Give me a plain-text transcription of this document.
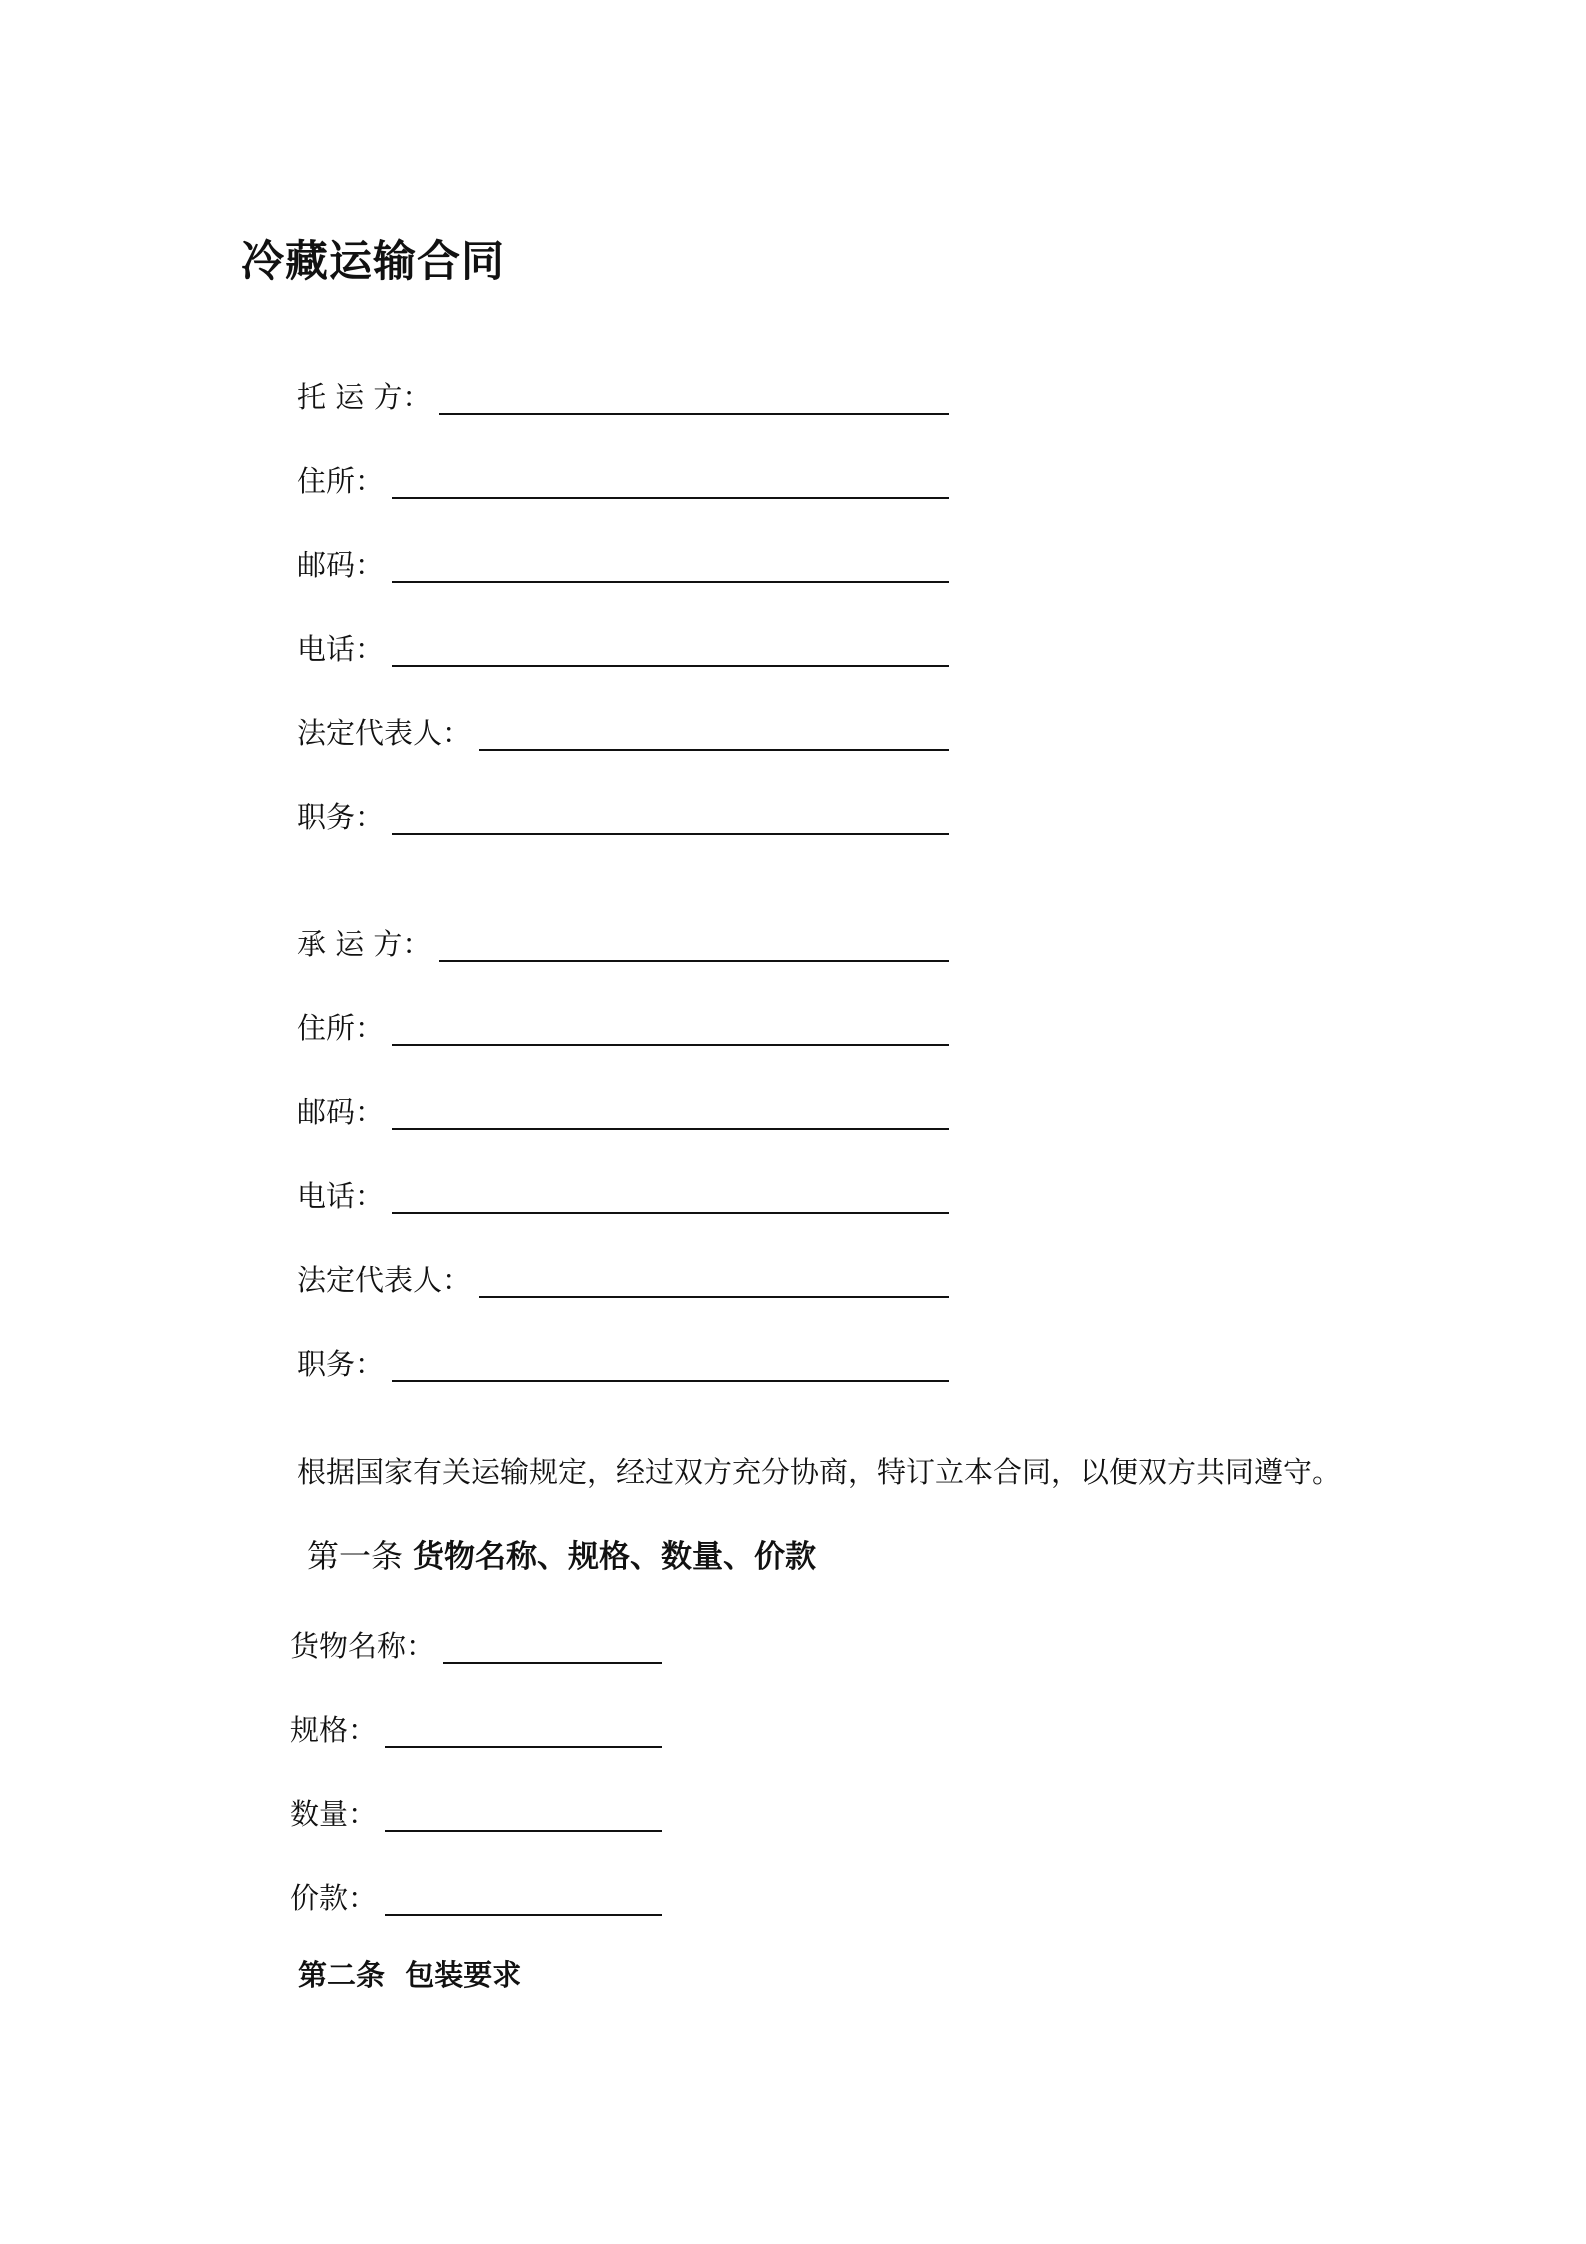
冷藏运输合同
托 运 方：
住所：
邮码：
电话：
法定代表人：
职务：
承 运 方：
住所：
邮码：
电话：
法定代表人：
职务：

根据国家有关运输规定，经过双方充分协商，特订立本合同，以便双方共同遵守。

第一条 货物名称、规格、数量、价款
货物名称：
规格：
数量：
价款：
第二条  包装要求
